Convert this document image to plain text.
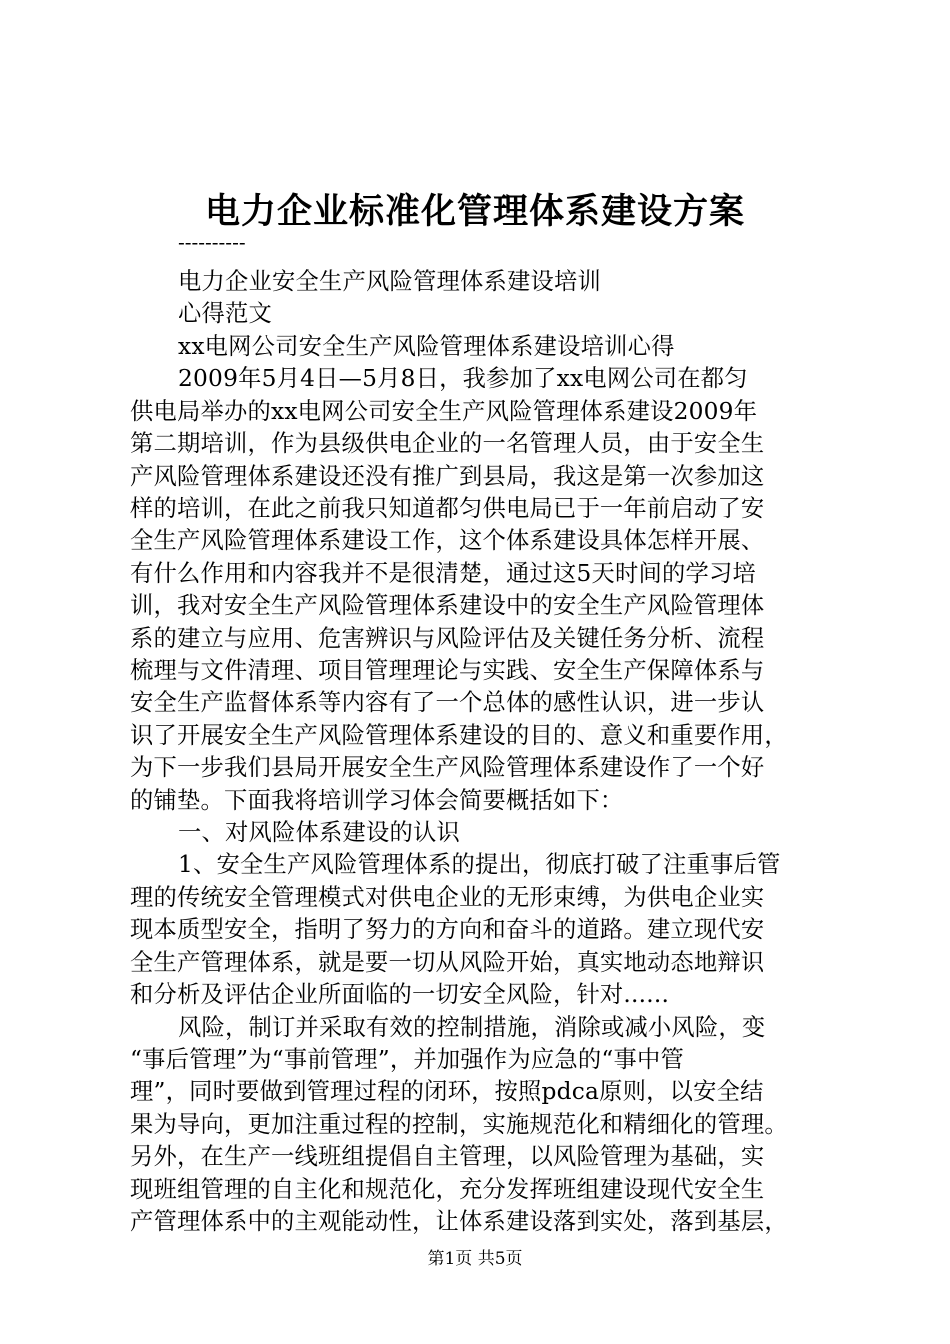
电力企业标准化管理体系建设方案
----------
电力企业安全生产风险管理体系建设培训
心得范文
xx电网公司安全生产风险管理体系建设培训心得
2009年5月4日—5月8日，我参加了xx电网公司在都匀
供电局举办的xx电网公司安全生产风险管理体系建设2009年
第二期培训，作为县级供电企业的一名管理人员，由于安全生
产风险管理体系建设还没有推广到县局，我这是第一次参加这
样的培训，在此之前我只知道都匀供电局已于一年前启动了安
全生产风险管理体系建设工作，这个体系建设具体怎样开展、
有什么作用和内容我并不是很清楚，通过这5天时间的学习培
训，我对安全生产风险管理体系建设中的安全生产风险管理体
系的建立与应用、危害辨识与风险评估及关键任务分析、流程
梳理与文件清理、项目管理理论与实践、安全生产保障体系与
安全生产监督体系等内容有了一个总体的感性认识，进一步认
识了开展安全生产风险管理体系建设的目的、意义和重要作用，
为下一步我们县局开展安全生产风险管理体系建设作了一个好
的铺垫。下面我将培训学习体会简要概括如下：
一、对风险体系建设的认识
1、安全生产风险管理体系的提出，彻底打破了注重事后管
理的传统安全管理模式对供电企业的无形束缚，为供电企业实
现本质型安全，指明了努力的方向和奋斗的道路。建立现代安
全生产管理体系，就是要一切从风险开始，真实地动态地辩识
和分析及评估企业所面临的一切安全风险，针对......
风险，制订并采取有效的控制措施，消除或减小风险，变
“事后管理”为“事前管理”，并加强作为应急的“事中管
理”，同时要做到管理过程的闭环，按照pdca原则，以安全结
果为导向，更加注重过程的控制，实施规范化和精细化的管理。
另外，在生产一线班组提倡自主管理，以风险管理为基础，实
现班组管理的自主化和规范化，充分发挥班组建设现代安全生
产管理体系中的主观能动性，让体系建设落到实处，落到基层，
第1页 共5页
